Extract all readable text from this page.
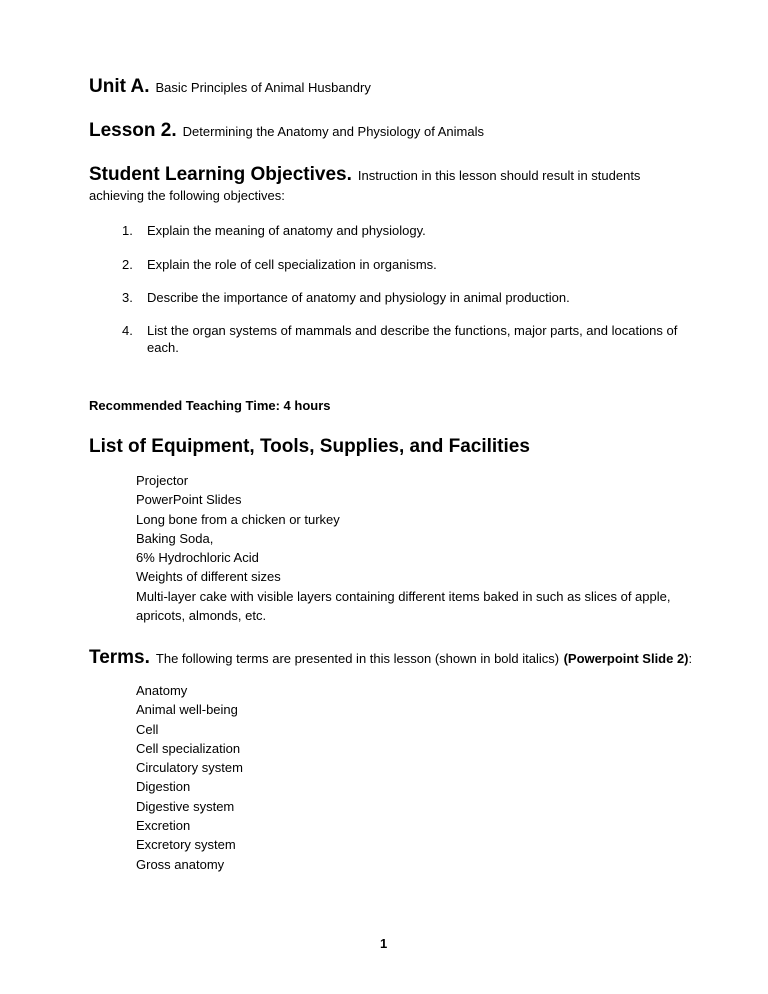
Unit A. Basic Principles of Animal Husbandry
Lesson 2. Determining the Anatomy and Physiology of Animals
Student Learning Objectives. Instruction in this lesson should result in students
achieving the following objectives:
1. Explain the meaning of anatomy and physiology.
2. Explain the role of cell specialization in organisms.
3. Describe the importance of anatomy and physiology in animal production.
4. List the organ systems of mammals and describe the functions, major parts, and locations of each.
Recommended Teaching Time: 4 hours
List of Equipment, Tools, Supplies, and Facilities
Projector
PowerPoint Slides
Long bone from a chicken or turkey
Baking Soda,
6% Hydrochloric Acid
Weights of different sizes
Multi-layer cake with visible layers containing different items baked in such as slices of apple, apricots, almonds, etc.
Terms. The following terms are presented in this lesson (shown in bold italics) (Powerpoint Slide 2):
Anatomy
Animal well-being
Cell
Cell specialization
Circulatory system
Digestion
Digestive system
Excretion
Excretory system
Gross anatomy
1
